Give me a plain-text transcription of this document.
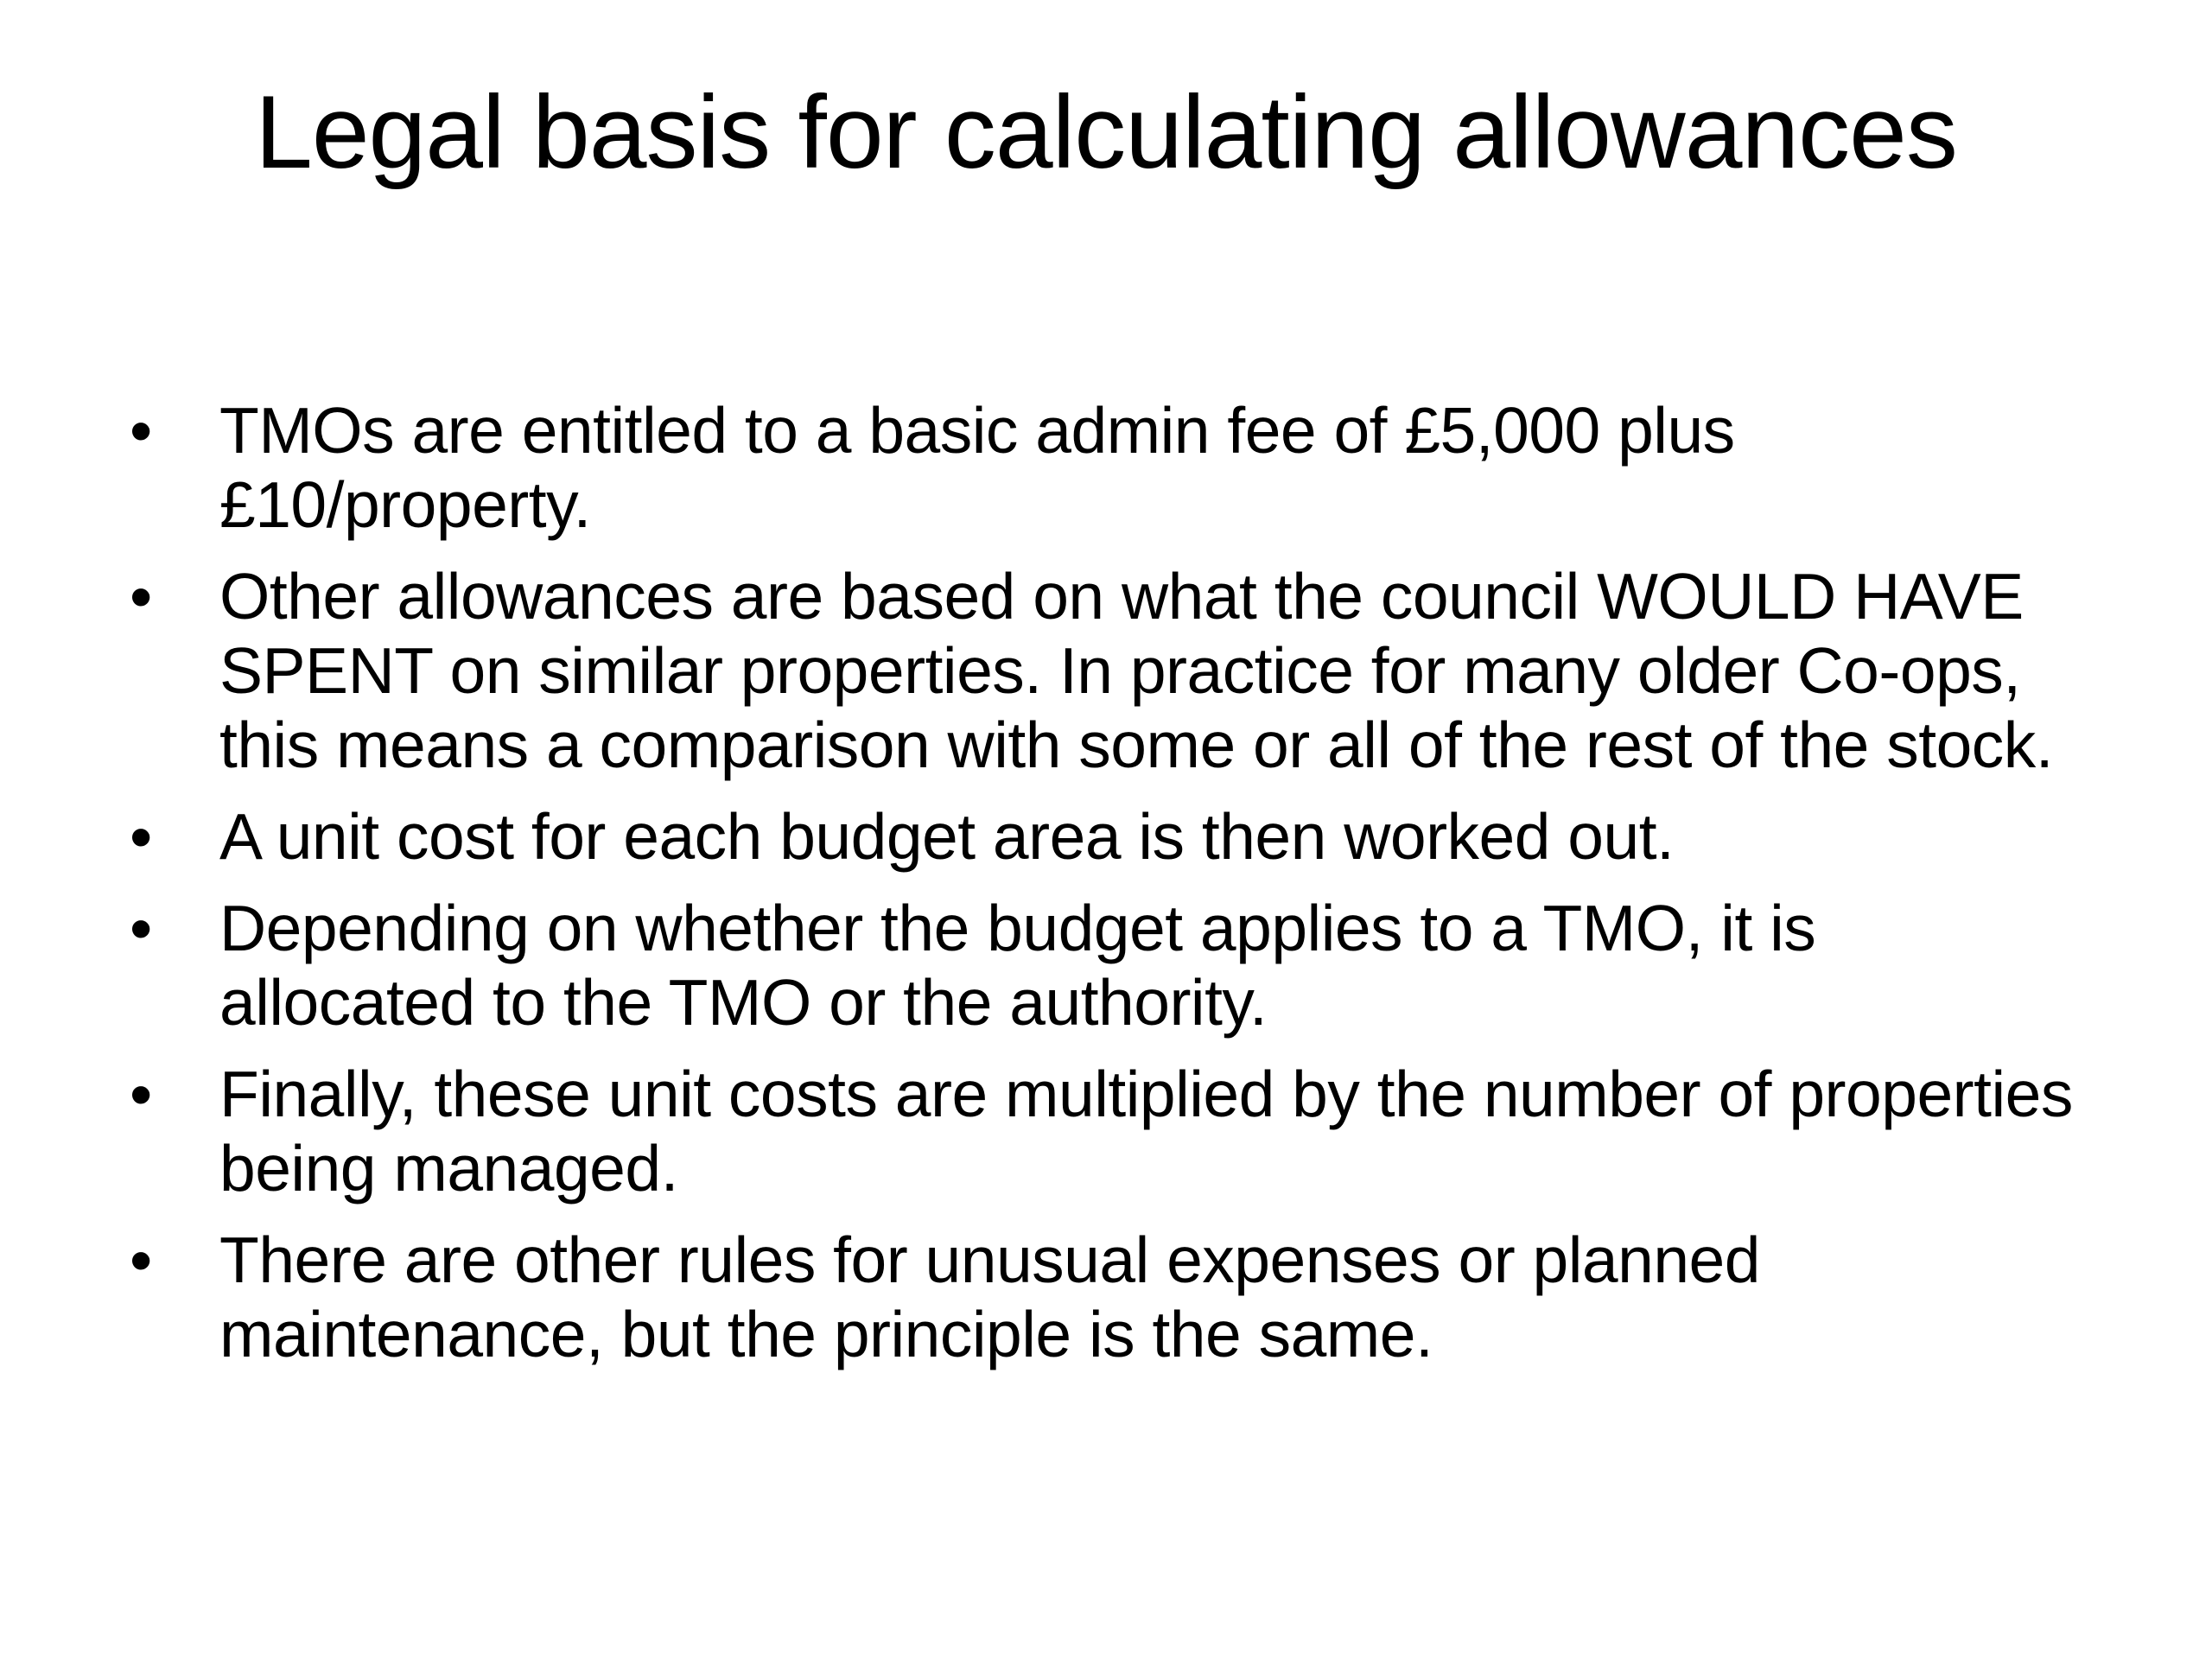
Legal basis for calculating allowances
•	TMOs are entitled to a basic admin fee of £5,000 plus £10/property.
•	Other allowances are based on what the council WOULD HAVE SPENT on similar properties. In practice for many older Co-ops, this means a comparison with some or all of the rest of the stock.
•	A unit cost for each budget area is then worked out.
•	Depending on whether the budget applies to a TMO, it is allocated to the TMO or the authority.
•	Finally, these unit costs are multiplied by the number of properties being managed.
•	There are other rules for unusual expenses or planned maintenance, but the principle is the same.
